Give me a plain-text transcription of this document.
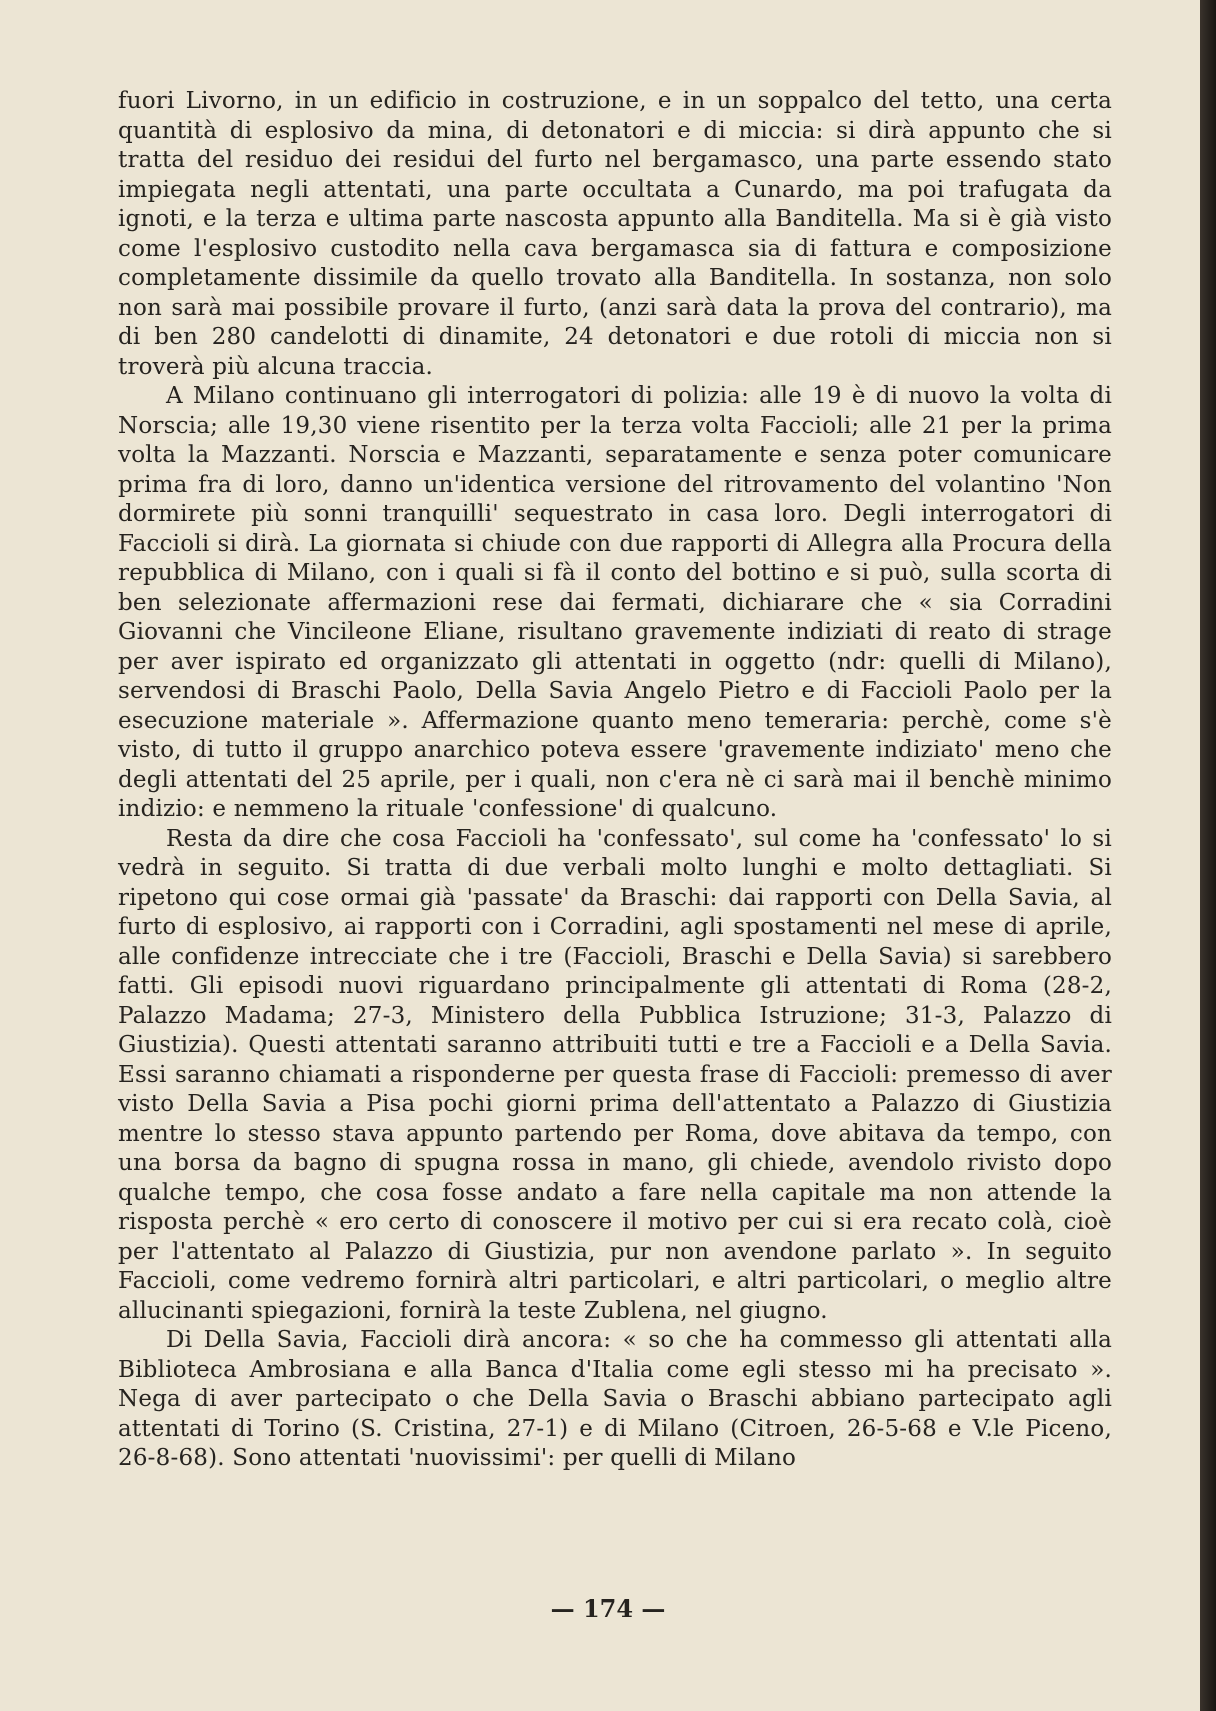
fuori Livorno, in un edificio in costruzione, e in un soppalco del tetto, una certa quantità di esplosivo da mina, di detonatori e di miccia: si dirà appunto che si tratta del residuo dei residui del furto nel bergamasco, una parte essendo stato impiegata negli attentati, una parte occultata a Cunardo, ma poi trafugata da ignoti, e la terza e ultima parte nascosta appunto alla Banditella. Ma si è già visto come l'esplosivo custodito nella cava bergamasca sia di fattura e composizione completamente dissimile da quello trovato alla Banditella. In sostanza, non solo non sarà mai possibile provare il furto, (anzi sarà data la prova del contrario), ma di ben 280 candelotti di dinamite, 24 detonatori e due rotoli di miccia non si troverà più alcuna traccia.

A Milano continuano gli interrogatori di polizia: alle 19 è di nuovo la volta di Norscia; alle 19,30 viene risentito per la terza volta Faccioli; alle 21 per la prima volta la Mazzanti. Norscia e Mazzanti, separatamente e senza poter comunicare prima fra di loro, danno un'identica versione del ritrovamento del volantino 'Non dormirete più sonni tranquilli' sequestrato in casa loro. Degli interrogatori di Faccioli si dirà. La giornata si chiude con due rapporti di Allegra alla Procura della repubblica di Milano, con i quali si fà il conto del bottino e si può, sulla scorta di ben selezionate affermazioni rese dai fermati, dichiarare che « sia Corradini Giovanni che Vincileone Eliane, risultano gravemente indiziati di reato di strage per aver ispirato ed organizzato gli attentati in oggetto (ndr: quelli di Milano), servendosi di Braschi Paolo, Della Savia Angelo Pietro e di Faccioli Paolo per la esecuzione materiale ». Affermazione quanto meno temeraria: perchè, come s'è visto, di tutto il gruppo anarchico poteva essere 'gravemente indiziato' meno che degli attentati del 25 aprile, per i quali, non c'era nè ci sarà mai il benchè minimo indizio: e nemmeno la rituale 'confessione' di qualcuno.

Resta da dire che cosa Faccioli ha 'confessato', sul come ha 'confessato' lo si vedrà in seguito. Si tratta di due verbali molto lunghi e molto dettagliati. Si ripetono qui cose ormai già 'passate' da Braschi: dai rapporti con Della Savia, al furto di esplosivo, ai rapporti con i Corradini, agli spostamenti nel mese di aprile, alle confidenze intrecciate che i tre (Faccioli, Braschi e Della Savia) si sarebbero fatti. Gli episodi nuovi riguardano principalmente gli attentati di Roma (28-2, Palazzo Madama; 27-3, Ministero della Pubblica Istruzione; 31-3, Palazzo di Giustizia). Questi attentati saranno attribuiti tutti e tre a Faccioli e a Della Savia. Essi saranno chiamati a risponderne per questa frase di Faccioli: premesso di aver visto Della Savia a Pisa pochi giorni prima dell'attentato a Palazzo di Giustizia mentre lo stesso stava appunto partendo per Roma, dove abitava da tempo, con una borsa da bagno di spugna rossa in mano, gli chiede, avendolo rivisto dopo qualche tempo, che cosa fosse andato a fare nella capitale ma non attende la risposta perchè « ero certo di conoscere il motivo per cui si era recato colà, cioè per l'attentato al Palazzo di Giustizia, pur non avendone parlato ». In seguito Faccioli, come vedremo fornirà altri particolari, e altri particolari, o meglio altre allucinanti spiegazioni, fornirà la teste Zublena, nel giugno.

Di Della Savia, Faccioli dirà ancora: « so che ha commesso gli attentati alla Biblioteca Ambrosiana e alla Banca d'Italia come egli stesso mi ha precisato ». Nega di aver partecipato o che Della Savia o Braschi abbiano partecipato agli attentati di Torino (S. Cristina, 27-1) e di Milano (Citroen, 26-5-68 e V.le Piceno, 26-8-68). Sono attentati 'nuovissimi': per quelli di Milano

— 174 —
